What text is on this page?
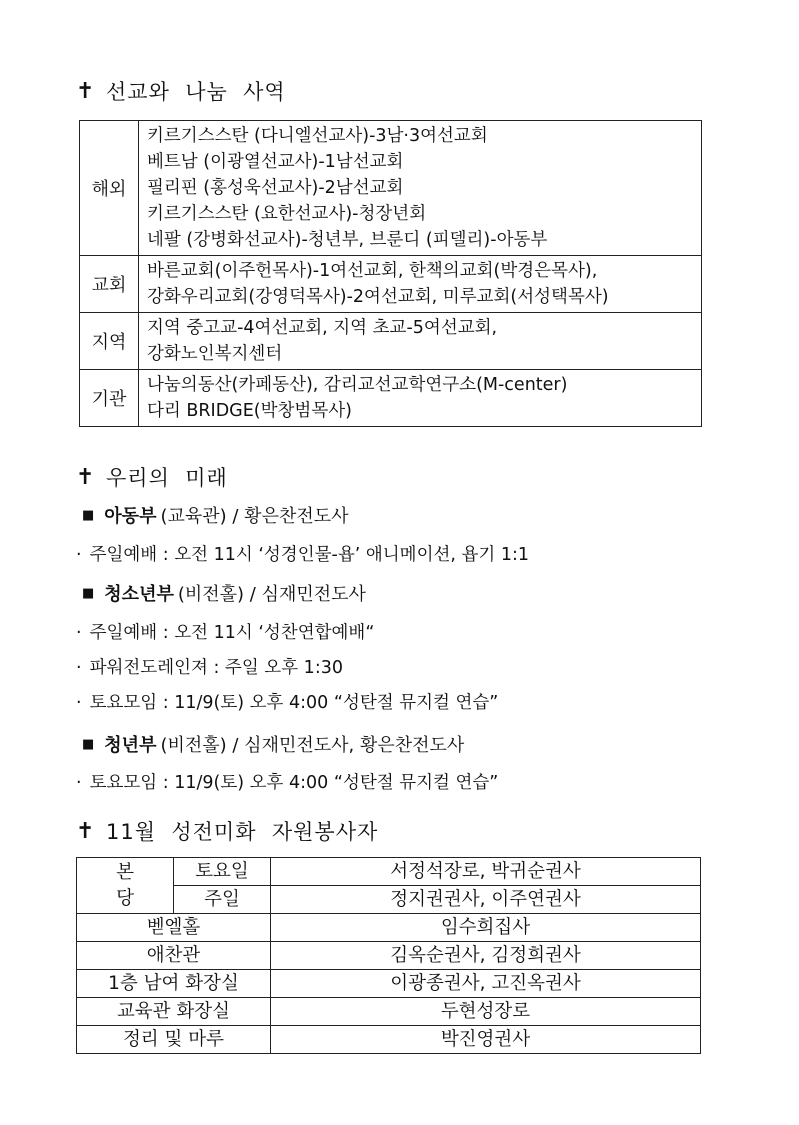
✝ 선교와  나눔  사역
해외	키르기스스탄 (다니엘선교사)-3남·3여선교회
베트남 (이광열선교사)-1남선교회
필리핀 (홍성욱선교사)-2남선교회
키르기스스탄 (요한선교사)-청장년회
네팔 (강병화선교사)-청년부, 브룬디 (피델리)-아동부

교회	바른교회(이주헌목사)-1여선교회, 한책의교회(박경은목사),
강화우리교회(강영덕목사)-2여선교회, 미루교회(서성택목사)

지역	지역 중고교-4여선교회, 지역 초교-5여선교회,
강화노인복지센터

기관	나눔의동산(카페동산), 감리교선교학연구소(M-center)
다리 BRIDGE(박창범목사)
✝ 우리의  미래
■ 아동부 (교육관) / 황은찬전도사
· 주일예배 : 오전 11시 ‘성경인물-욥’ 애니메이션, 욥기 1:1
■ 청소년부 (비전홀) / 심재민전도사
· 주일예배 : 오전 11시 ‘성찬연합예배“
· 파워전도레인져 : 주일 오후 1:30
· 토요모임 : 11/9(토) 오후 4:00 “성탄절 뮤지컬 연습”
■ 청년부 (비전홀) / 심재민전도사, 황은찬전도사
· 토요모임 : 11/9(토) 오후 4:00 “성탄절 뮤지컬 연습”
✝ 11월  성전미화  자원봉사자
본
당	토요일	서정석장로, 박귀순권사
	주일	정지권권사, 이주연권사
벧엘홀		임수희집사
애찬관		김옥순권사, 김정희권사
1층 남여 화장실		이광종권사, 고진옥권사
교육관 화장실		두현성장로
정리 및 마루		박진영권사
